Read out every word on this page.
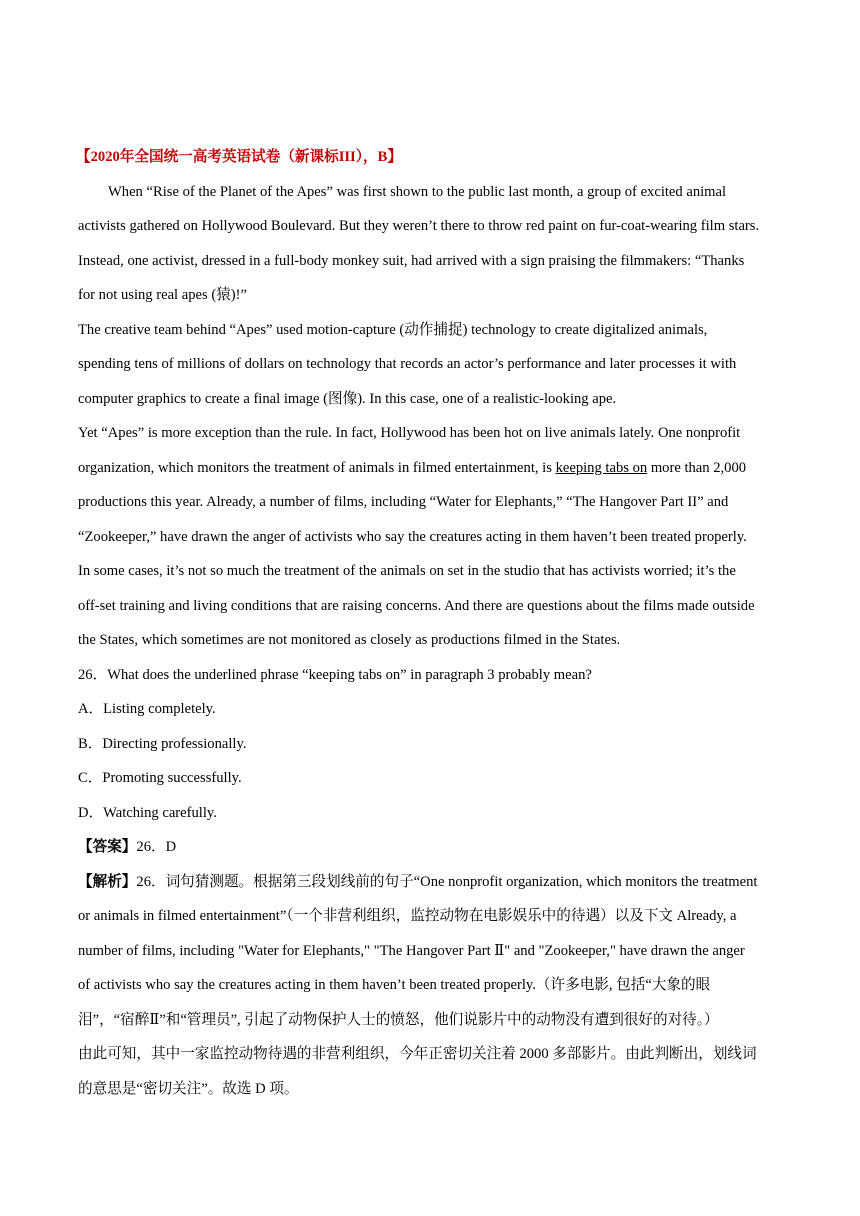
【2020年全国统一高考英语试卷（新课标III），B】

When “Rise of the Planet of the Apes” was first shown to the public last month, a group of excited animal

activists gathered on Hollywood Boulevard. But they weren’t there to throw red paint on fur-coat-wearing film stars.

Instead, one activist, dressed in a full-body monkey suit, had arrived with a sign praising the filmmakers: “Thanks

for not using real apes (猿)!”

The creative team behind “Apes” used motion-capture (动作捕捉) technology to create digitalized animals,

spending tens of millions of dollars on technology that records an actor’s performance and later processes it with

computer graphics to create a final image (图像). In this case, one of a realistic-looking ape.

Yet “Apes” is more exception than the rule. In fact, Hollywood has been hot on live animals lately. One nonprofit

organization, which monitors the treatment of animals in filmed entertainment, is keeping tabs on more than 2,000

productions this year. Already, a number of films, including “Water for Elephants,” “The Hangover Part II” and

“Zookeeper,” have drawn the anger of activists who say the creatures acting in them haven’t been treated properly.

In some cases, it’s not so much the treatment of the animals on set in the studio that has activists worried; it’s the

off-set training and living conditions that are raising concerns. And there are questions about the films made outside

the States, which sometimes are not monitored as closely as productions filmed in the States.

26．What does the underlined phrase “keeping tabs on” in paragraph 3 probably mean?

A．Listing completely.

B．Directing professionally.

C．Promoting successfully.

D．Watching carefully.

【答案】26．D

【解析】26．词句猜测题。根据第三段划线前的句子“One nonprofit organization, which monitors the treatment

or animals in filmed entertainment”（一个非营利组织，监控动物在电影娱乐中的待遇）以及下文 Already, a

number of films, including "Water for Elephants," "The Hangover Part Ⅱ" and "Zookeeper," have drawn the anger

of activists who say the creatures acting in them haven’t been treated properly.（许多电影, 包括“大象的眼

泪”，“宿醉Ⅱ”和“管理员”, 引起了动物保护人士的愤怒，他们说影片中的动物没有遭到很好的对待。）

由此可知，其中一家监控动物待遇的非营利组织，今年正密切关注着 2000 多部影片。由此判断出，划线词

的意思是“密切关注”。故选 D 项。
